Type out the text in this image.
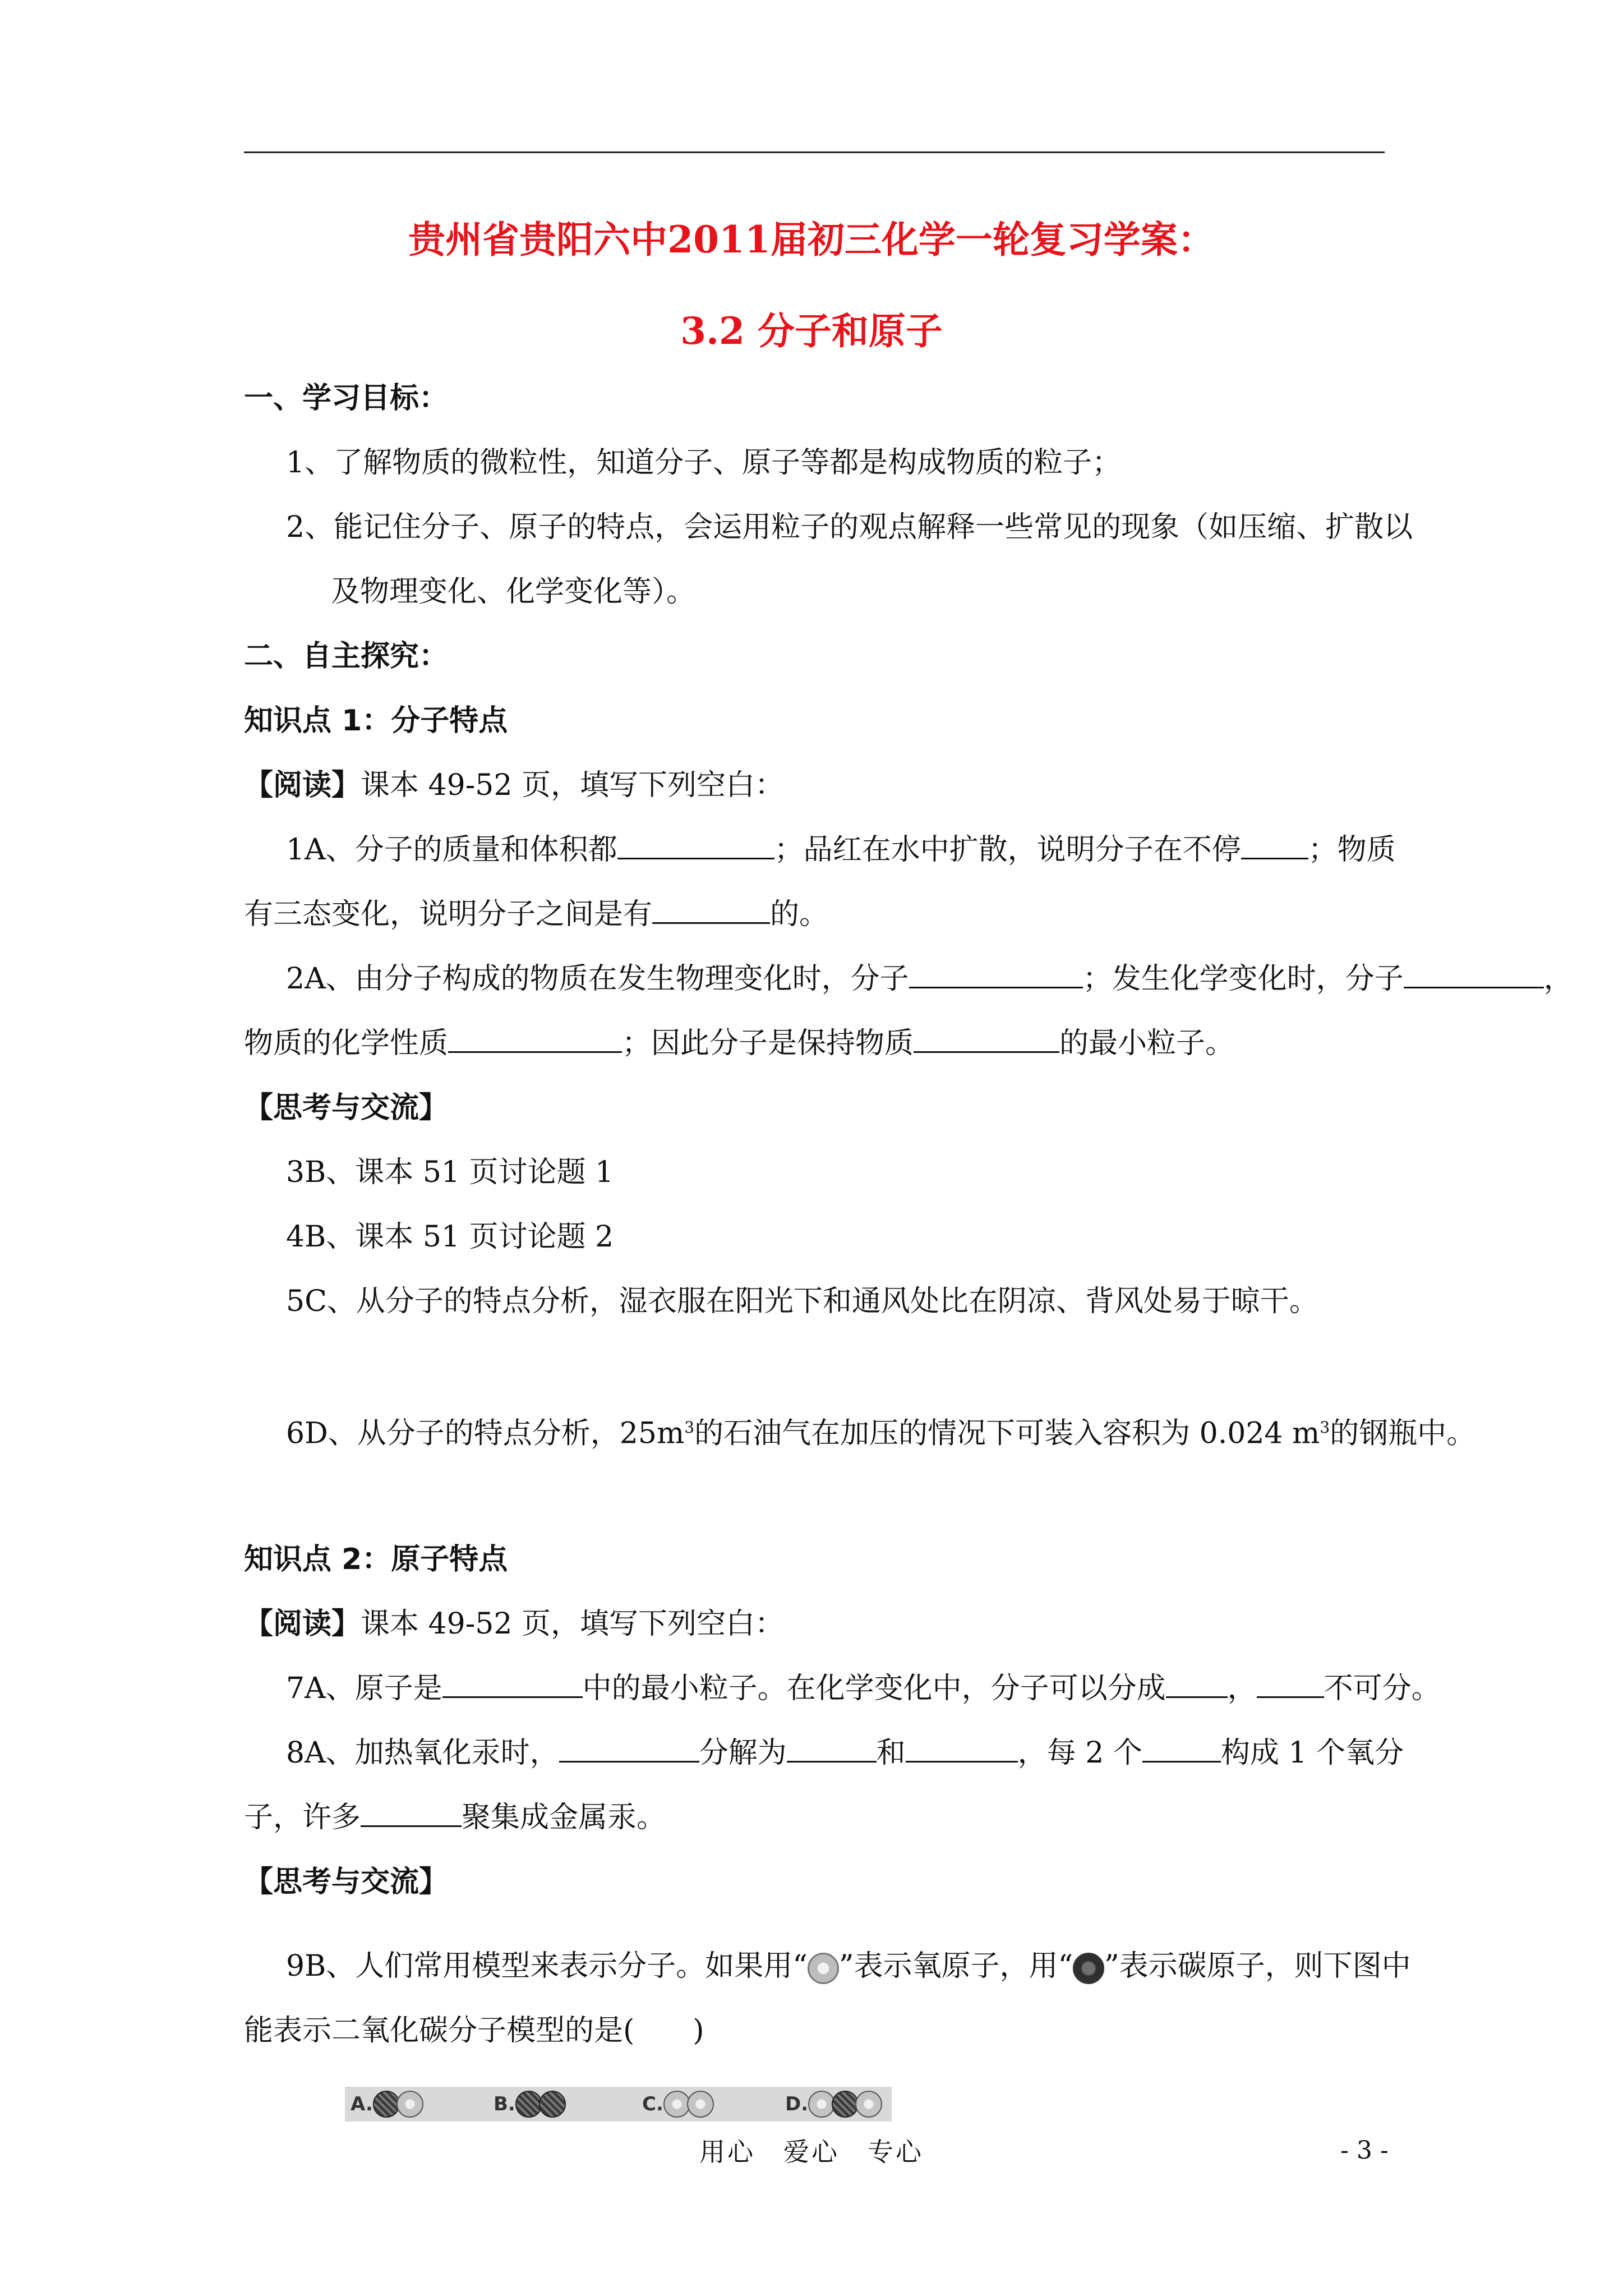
贵州省贵阳六中2011届初三化学一轮复习学案：
3.2 分子和原子
一、学习目标：
1、了解物质的微粒性，知道分子、原子等都是构成物质的粒子；
2、能记住分子、原子的特点，会运用粒子的观点解释一些常见的现象（如压缩、扩散以
及物理变化、化学变化等）。
二、自主探究：
知识点 1：分子特点
【阅读】课本 49-52 页，填写下列空白：
1A、分子的质量和体积都	；品红在水中扩散，说明分子在不停 ；物质
有三态变化，说明分子之间是有	的。
2A、由分子构成的物质在发生物理变化时，分子	；发生化学变化时，分子	，
物质的化学性质	；因此分子是保持物质	的最小粒子。
【思考与交流】
3B、课本 51 页讨论题 1
4B、课本 51 页讨论题 2
5C、从分子的特点分析，湿衣服在阳光下和通风处比在阴凉、背风处易于晾干。
6D、从分子的特点分析，$25m^3$的石油气在加压的情况下可装入容积为 0.024 $m^3$的钢瓶中。
知识点 2：原子特点
【阅读】课本 49-52 页，填写下列空白：
7A、原子是	中的最小粒子。在化学变化中，分子可以分成 ， 不可分。
8A、加热氧化汞时，	分解为	和	，每 2 个	构成 1 个氧分
子，许多	聚集成金属汞。
【思考与交流】
9B、人们常用模型来表示分子。如果用“ ”表示氧原子，用“ ”表示碳原子，则下图中
能表示二氧化碳分子模型的是(　　)
A.	B.	C.	D.
用心　爱心　专心	- 3 -
